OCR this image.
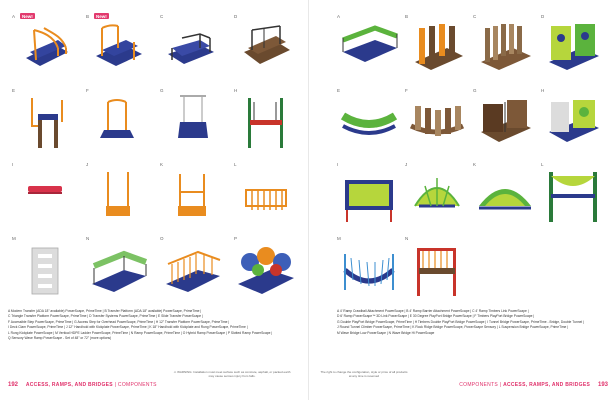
A	New!	B	New!	C	D
E	F	G	H
I	J	K	L
M	N	O	P
A Modern Transfer (ADA 18" available) PowerScape, PrimeTime | B Transfer Platform (ADA 18" available) PowerScape, PrimeTime |
C Triangle Transfer Platform PowerScape, PrimeTime | D Transfer Systems PowerScape, PrimeTime | E Slide Transfer PowerScape |
F Accessible Step PowerScape, PrimeTime | G Access Step for Overhead PowerScape, PrimeTime | H 12" Transfer Platform PowerScape, PrimeTime |
I Deck Clam PowerScape, PrimeTime | J 12" Handhold with Kickplate PowerScape, PrimeTime | K 18" Handhold with Kickplate and Rung PowerScape, PrimeTime |
L Rung Kickplate PowerScape | M Vertical HDPE Ladder PowerScape, PrimeTime | N Ramp PowerScape, PrimeTime | O Hybrid Ramp PowerScape | P Slotted Ramp PowerScape |
Q Sensory Wave Ramp PowerScape - Set of 48" or 72" (more options)
192 ACCESS, RAMPS, AND BRIDGES | COMPONENTS
⚠ WARNING: Installation must meet surface such as concrete, asphalt, or packed earth may cause serious injury from falls.
A	B	C	D
E	F	G	H
I	J	K	L
M	N
A 4' Ramp Crawlball Attachment PowerScape | B 4' Ramp Barrier Attachment PowerScape | C 4' Ramp Timbers Link PowerScape |
D 6' Ramp PowerScape™ 3D Link PowerScape | E 30 Degree PlayPort Bridge PowerScape | F Timbers PlayPort Bridge PowerScape |
G Double PlayPort Bridge PowerScape, PrimeTime | H Timbers Double PlayPort Bridge PowerScape | I Tunnel Bridge PowerScape, PrimeTime - Bridge, Double Tunnel |
J Round Tunnel Climber PowerScape, PrimeTime | K Rock Ridge Bridge PowerScape, PowerScape Sensory | L Suspension Bridge PowerScape, PrimeTime |
M Wave Bridge Low PowerScape | N Wave Bridge Hi PowerScape
The right to change the configuration, style or price of all products at any time is reserved
COMPONENTS | ACCESS, RAMPS, AND BRIDGES 193
